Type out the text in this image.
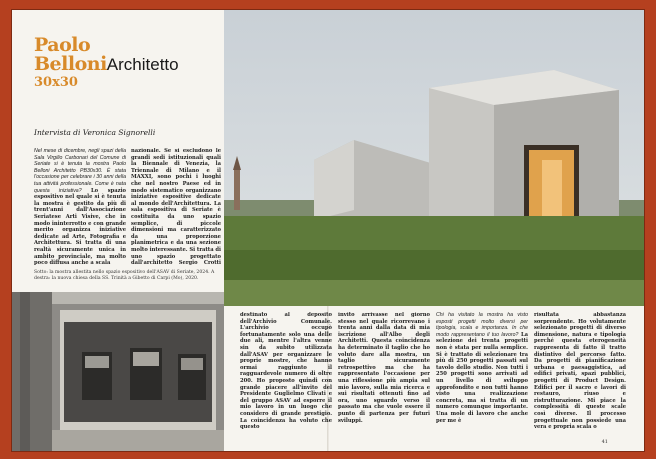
Paolo
Belloni Architetto
30x30
Intervista di Veronica Signorelli
Nel mese di dicembre, negli spazi della Sala Virgilio Carbonari del Comune di Seriate si è tenuta la mostra Paolo Belloni Architetto PB30x30. È stata l'occasione per celebrare i 30 anni della tua attività professionale. Come è nata questa iniziativa? Lo spazio espositivo nel quale si è tenuta la mostra è gestito da più di trent'anni dall'Associazione Seriatese Arti Visive, che in modo ininterrotto e con grande merito organizza iniziative dedicate ad Arte, Fotografia e Architettura. Si tratta di una realtà sicuramente unica in ambito provinciale, ma molto poco diffusa anche a scala
nazionale. Se si escludono le grandi sedi istituzionali quali la Biennale di Venezia, la Triennale di Milano e il MAXXI, sono pochi i luoghi che nel nostro Paese ed in modo sistematico organizzano iniziative espositive dedicate al mondo dell'Architettura. La sala espositiva di Seriate è costituita da uno spazio semplice, di piccole dimensioni ma caratterizzato da una proporzione planimetrica e da una sezione molto interessante. Si tratta di uno spazio progettato dall'architetto Sergio Crotti
Sotto: la mostra allestita nello spazio espositivo dell'ASAV di Seriate, 2024. A destra: la nuova chiesa della SS. Trinità a Gibetto di Carpi (Mo), 2020.
destinato al deposito dell'Archivio Comunale. L'archivio occupò fortunatamente solo una delle due ali, mentre l'altra venne sin da subito utilizzata dall'ASAV per organizzare le proprie mostre, che hanno ormai raggiunto il ragguardevole numero di oltre 200. Ho proposto quindi con grande piacere all'invito del Presidente Guglielmo Clivati e del gruppo ASAV ad esporre il mio lavoro in un luogo che considero di grande prestigio. La coincidenza ha voluto che questo
invito arrivasse nel giorno stesso nel quale ricorrevano i trenta anni dalla data di mia iscrizione all'Albo degli Architetti. Questa coincidenza ha determinato il taglio che ho voluto dare alla mostra, un taglio sicuramente retrospettivo ma che ha rappresentato l'occasione per una riflessione più ampia sul mio lavoro, sulla mia ricerca e sui risultati ottenuti fino ad ora, uno sguardo verso il passato ma che vuole essere il punto di partenza per futuri sviluppi.
Chi ha visitato la mostra ha visto esposti progetti molto diversi per tipologia, scala e importanza. In che modo rappresentano il tuo lavoro? La selezione dei trenta progetti non è stata per nulla semplice. Si è trattato di selezionare tra più di 250 progetti passati sul tavolo dello studio. Non tutti i 250 progetti sono arrivati ad un livello di sviluppo approfondito e non tutti hanno visto una realizzazione concreta, ma si tratta di un numero comunque importante. Una mole di lavoro che anche per me è
risultata abbastanza sorprendente. Ho volutamente selezionato progetti di diverso dimensione, natura e tipologia perché questa eterogeneità rappresenta di fatto il tratto distintivo del percorso fatto. Da progetti di pianificazione urbana e paesaggistica, ad edifici privati, spazi pubblici, progetti di Product Design. Edifici per il sacro e lavori di restauro, riuso e ristrutturazione. Mi piace la complessità di queste scale così diverse. Il processo progettuale non possiede una vera e propria scala o
41
